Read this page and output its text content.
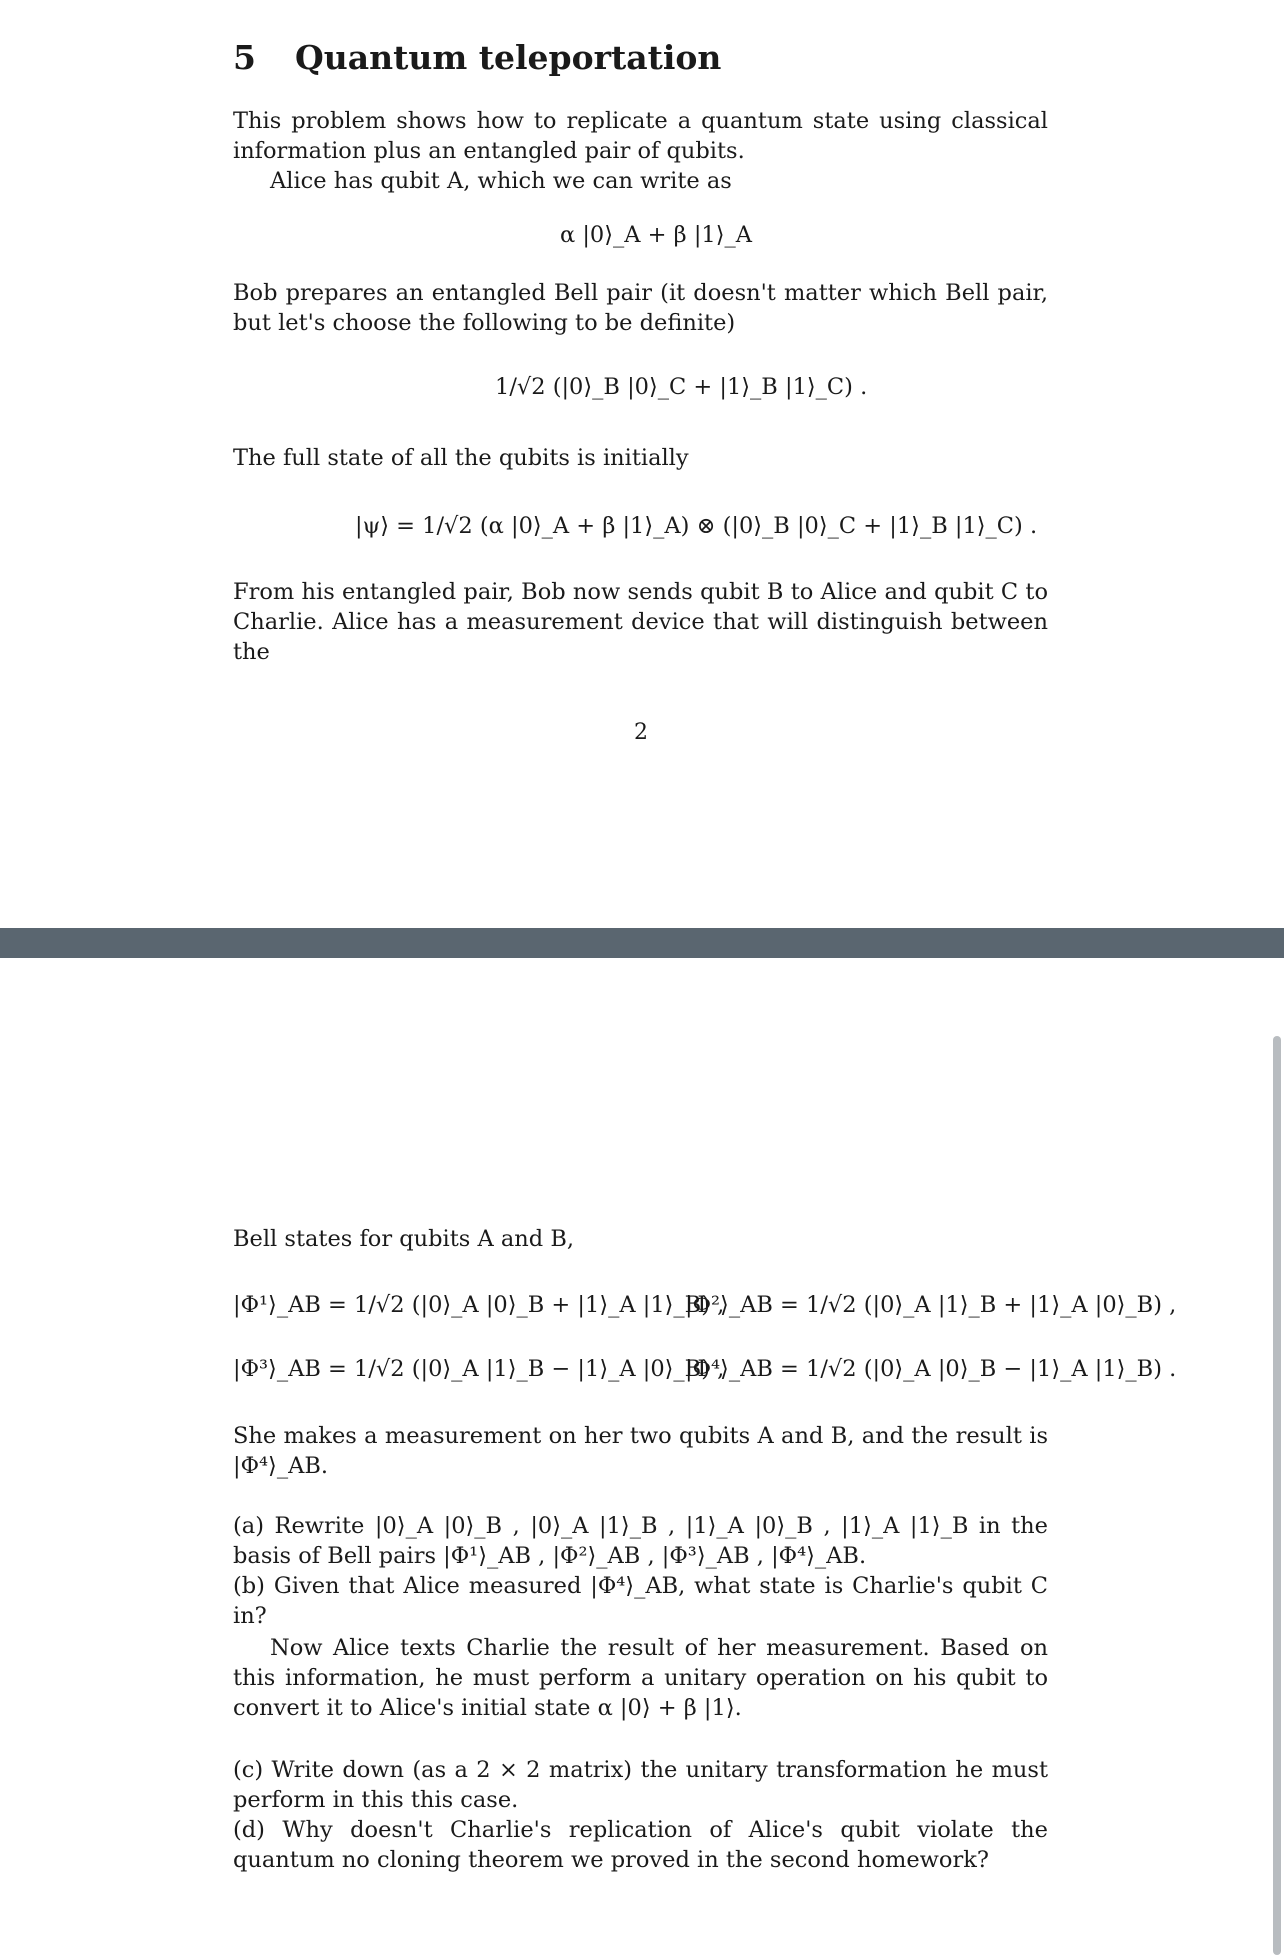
5 Quantum teleportation

This problem shows how to replicate a quantum state using classical information plus an entangled pair of qubits.

Alice has qubit A, which we can write as

α |0⟩_A + β |1⟩_A

Bob prepares an entangled Bell pair (it doesn't matter which Bell pair, but let's choose the following to be definite)

1/√2 (|0⟩_B |0⟩_C + |1⟩_B |1⟩_C) .

The full state of all the qubits is initially

|ψ⟩ = 1/√2 (α |0⟩_A + β |1⟩_A) ⊗ (|0⟩_B |0⟩_C + |1⟩_B |1⟩_C) .

From his entangled pair, Bob now sends qubit B to Alice and qubit C to Charlie. Alice has a measurement device that will distinguish between the

2

Bell states for qubits A and B,

|Φ¹⟩_AB = 1/√2 (|0⟩_A |0⟩_B + |1⟩_A |1⟩_B) ,
|Φ²⟩_AB = 1/√2 (|0⟩_A |1⟩_B + |1⟩_A |0⟩_B) ,
|Φ³⟩_AB = 1/√2 (|0⟩_A |1⟩_B − |1⟩_A |0⟩_B) ,
|Φ⁴⟩_AB = 1/√2 (|0⟩_A |0⟩_B − |1⟩_A |1⟩_B) .

She makes a measurement on her two qubits A and B, and the result is |Φ⁴⟩_AB.

(a) Rewrite |0⟩_A |0⟩_B , |0⟩_A |1⟩_B , |1⟩_A |0⟩_B , |1⟩_A |1⟩_B in the basis of Bell pairs |Φ¹⟩_AB , |Φ²⟩_AB , |Φ³⟩_AB , |Φ⁴⟩_AB.

(b) Given that Alice measured |Φ⁴⟩_AB, what state is Charlie's qubit C in?

Now Alice texts Charlie the result of her measurement. Based on this information, he must perform a unitary operation on his qubit to convert it to Alice's initial state α |0⟩ + β |1⟩.

(c) Write down (as a 2 × 2 matrix) the unitary transformation he must perform in this this case.

(d) Why doesn't Charlie's replication of Alice's qubit violate the quantum no cloning theorem we proved in the second homework?
